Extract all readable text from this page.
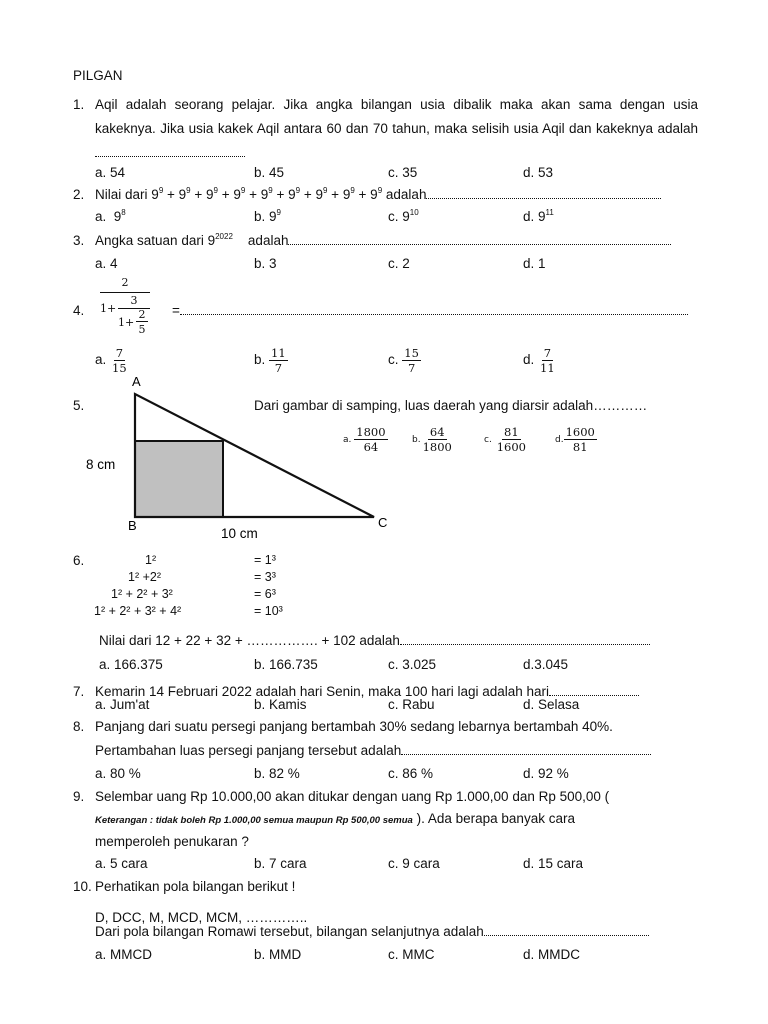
PILGAN
1. Aqil adalah seorang pelajar. Jika angka bilangan usia dibalik maka akan sama dengan usia kakeknya. Jika usia kakek Aqil antara 60 dan 70 tahun, maka selisih usia Aqil dan kakeknya adalah
a. 54	b. 45	c. 35	d. 53
2. Nilai dari $9^9 + 9^9 + 9^9 + 9^9 + 9^9 + 9^9 + 9^9 + 9^9 + 9^9$ adalah
a. $9^8$	b. $9^9$	c. $9^{10}$	d. $9^{11}$
3. Angka satuan dari $9^{2022}$ adalah
a. 4	b. 3	c. 2	d. 1
4.
2
1+
3
1+
2
5
=
a. $\frac{7}{15}$	b. $\frac{11}{7}$	c. $\frac{15}{7}$	d. $\frac{7}{11}$
5.
A
B	C
8 cm
10 cm
Dari gambar di samping, luas daerah yang diarsir adalah…………
a. $\frac{1800}{64}$	b. $\frac{64}{1800}$	c. $\frac{81}{1600}$	d. $\frac{1600}{81}$
6.	1²	= 1³
1² +2²	= 3³
1² + 2² + 3²	= 6³
1² + 2² + 3² + 4²	= 10³
Nilai dari 12 + 22 + 32 + ……………. + 102 adalah
a. 166.375	b. 166.735	c. 3.025	d.3.045
7. Kemarin 14 Februari 2022 adalah hari Senin, maka 100 hari lagi adalah hari
a. Jum'at	b. Kamis	c. Rabu	d. Selasa
8. Panjang dari suatu persegi panjang bertambah 30% sedang lebarnya bertambah 40%.
Pertambahan luas persegi panjang tersebut adalah
a. 80 %	b. 82 %	c. 86 %	d. 92 %
9. Selembar uang Rp 10.000,00 akan ditukar dengan uang Rp 1.000,00 dan Rp 500,00 (
Keterangan : tidak boleh Rp 1.000,00 semua maupun Rp 500,00 semua ). Ada berapa banyak cara
memperoleh penukaran ?
a. 5 cara	b. 7 cara	c. 9 cara	d. 15 cara
10. Perhatikan pola bilangan berikut !
D, DCC, M, MCD, MCM, …………..
Dari pola bilangan Romawi tersebut, bilangan selanjutnya adalah
a. MMCD	b. MMD	c. MMC	d. MMDC
